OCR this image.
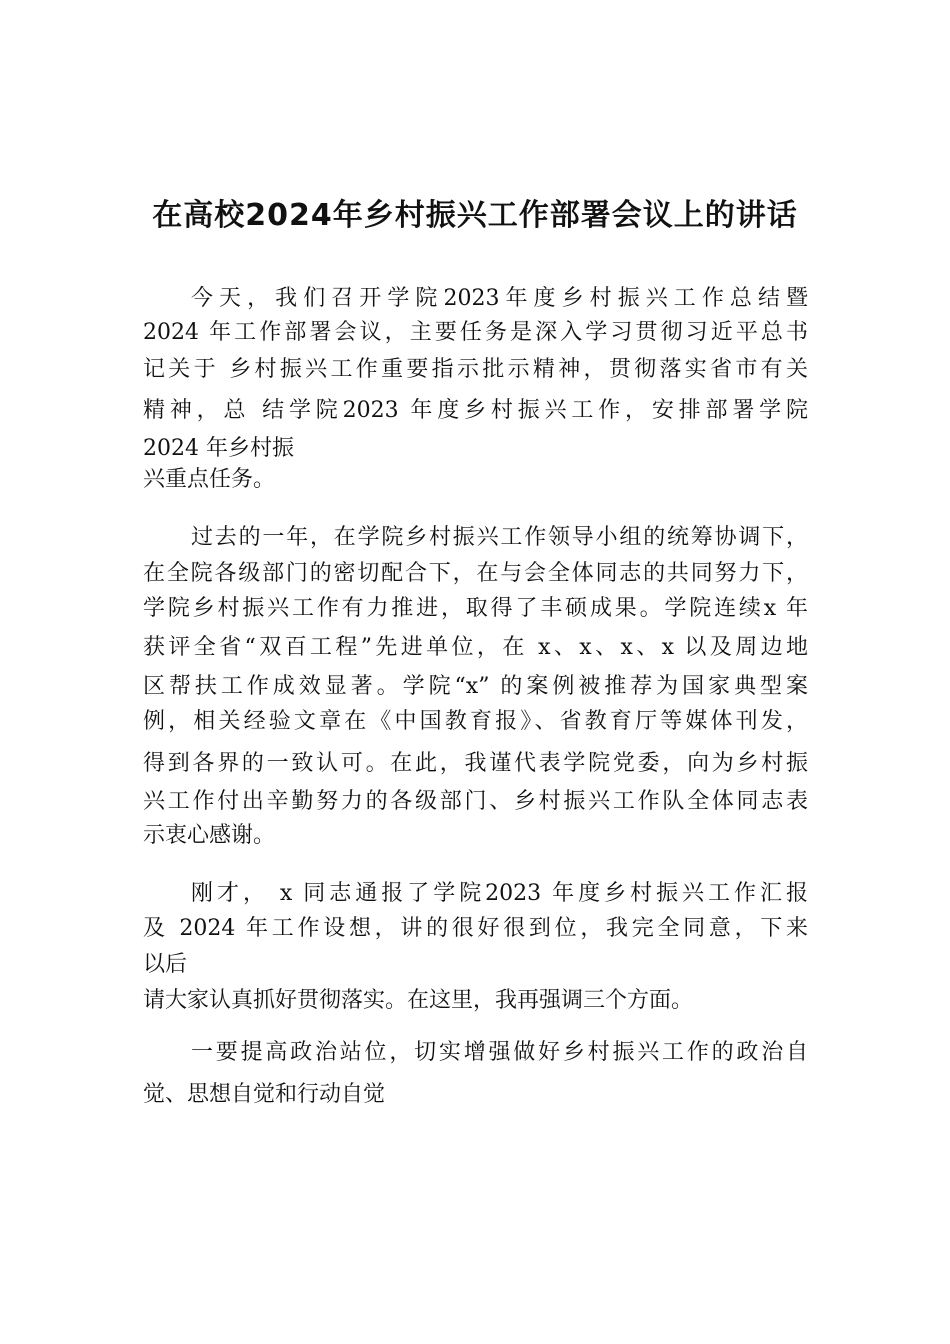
在高校2024年乡村振兴工作部署会议上的讲话
今天，我们召开学院2023年度乡村振兴工作总结暨
2024 年工作部署会议，主要任务是深入学习贯彻习近平总书
记关于 乡村振兴工作重要指示批示精神，贯彻落实省市有关
精神，总 结学院2023 年度乡村振兴工作，安排部署学院
2024 年乡村振
兴重点任务。
过去的一年，在学院乡村振兴工作领导小组的统筹协调下，
在全院各级部门的密切配合下，在与会全体同志的共同努力下，
学院乡村振兴工作有力推进，取得了丰硕成果。学院连续x 年
获评全省“双百工程”先进单位，在 x、x、x、x 以及周边地
区帮扶工作成效显著。学院“x” 的案例被推荐为国家典型案
例，相关经验文章在《中国教育报》、省教育厅等媒体刊发，
得到各界的一致认可。在此，我谨代表学院党委，向为乡村振
兴工作付出辛勤努力的各级部门、乡村振兴工作队全体同志表
示衷心感谢。
刚才， x 同志通报了学院2023 年度乡村振兴工作汇报
及 2024 年工作设想，讲的很好很到位，我完全同意，下来
以后
请大家认真抓好贯彻落实。在这里，我再强调三个方面。
一要提高政治站位，切实增强做好乡村振兴工作的政治自
觉、思想自觉和行动自觉
